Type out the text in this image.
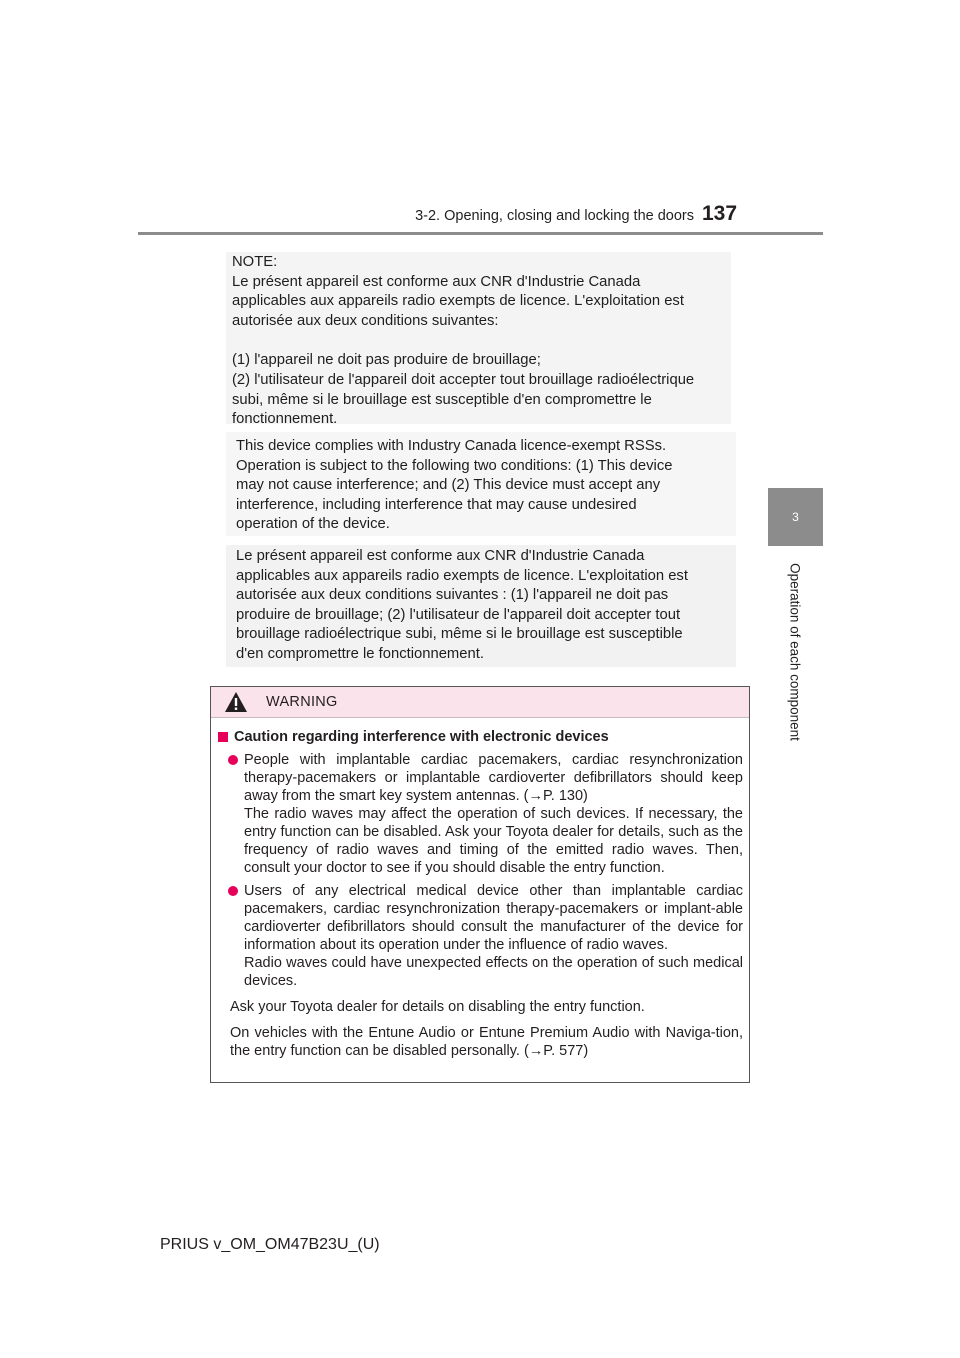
3-2. Opening, closing and locking the doors 137
3
Operation of each component

NOTE:

Le présent appareil est conforme aux CNR d'Industrie Canada

applicables aux appareils radio exempts de licence. L'exploitation est

autorisée aux deux conditions suivantes:

(1) l'appareil ne doit pas produire de brouillage;

(2) l'utilisateur de l'appareil doit accepter tout brouillage radioélectrique

subi, même si le brouillage est susceptible d'en compromettre le

fonctionnement.

This device complies with Industry Canada licence-exempt RSSs.

Operation is subject to the following two conditions: (1) This device

may not cause interference; and (2) This device must accept any

interference, including interference that may cause undesired

operation of the device.

Le présent appareil est conforme aux CNR d'Industrie Canada

applicables aux appareils radio exempts de licence. L'exploitation est

autorisée aux deux conditions suivantes : (1) l'appareil ne doit pas

produire de brouillage; (2) l'utilisateur de l'appareil doit accepter tout

brouillage radioélectrique subi, même si le brouillage est susceptible

d'en compromettre le fonctionnement.

WARNING
Caution regarding interference with electronic devices

People with implantable cardiac pacemakers, cardiac resynchronization therapy-pacemakers or implantable cardioverter defibrillators should keep away from the smart key system antennas. (→P. 130)

The radio waves may affect the operation of such devices. If necessary, the entry function can be disabled. Ask your Toyota dealer for details, such as the frequency of radio waves and timing of the emitted radio waves. Then, consult your doctor to see if you should disable the entry function.

Users of any electrical medical device other than implantable cardiac pacemakers, cardiac resynchronization therapy-pacemakers or implant-able cardioverter defibrillators should consult the manufacturer of the device for information about its operation under the influence of radio waves.

Radio waves could have unexpected effects on the operation of such medical devices.

Ask your Toyota dealer for details on disabling the entry function.

On vehicles with the Entune Audio or Entune Premium Audio with Naviga-tion, the entry function can be disabled personally. (→P. 577)

PRIUS v_OM_OM47B23U_(U)
